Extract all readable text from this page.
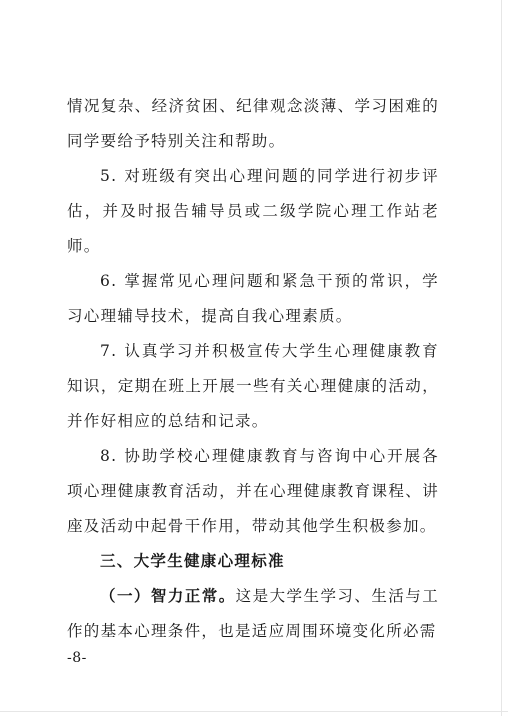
情况复杂、经济贫困、纪律观念淡薄、学习困难的同学要给予特别关注和帮助。

5. 对班级有突出心理问题的同学进行初步评估，并及时报告辅导员或二级学院心理工作站老师。

6. 掌握常见心理问题和紧急干预的常识，学习心理辅导技术，提高自我心理素质。

7. 认真学习并积极宣传大学生心理健康教育知识，定期在班上开展一些有关心理健康的活动，并作好相应的总结和记录。

8. 协助学校心理健康教育与咨询中心开展各项心理健康教育活动，并在心理健康教育课程、讲座及活动中起骨干作用，带动其他学生积极参加。

三、大学生健康心理标准

（一）智力正常。这是大学生学习、生活与工作的基本心理条件，也是适应周围环境变化所必需

-8-
